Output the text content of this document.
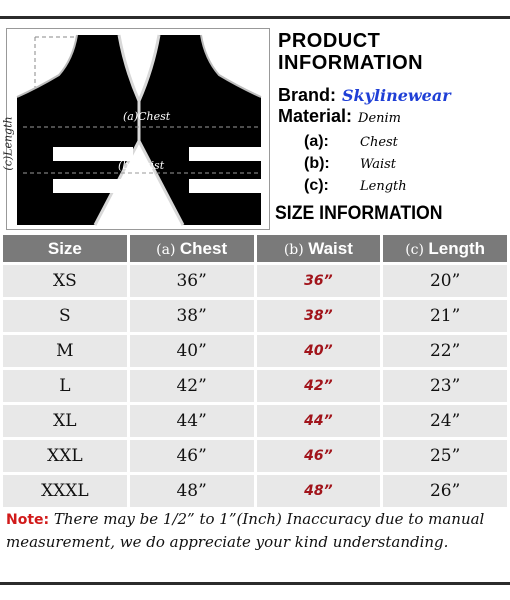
(c)Length	(a)Chest
(b)Waist
PRODUCT
INFORMATION
Brand: Skylinewear
Material: Denim
(a): Chest
(b): Waist
(c): Length
SIZE INFORMATION
Size	(a) Chest	(b) Waist	(c) Length
XS	36”	36”	20”
S	38”	38”	21”
M	40”	40”	22”
L	42”	42”	23”
XL	44”	44”	24”
XXL	46”	46”	25”
XXXL	48”	48”	26”
Note: There may be 1/2” to 1”(Inch) Inaccuracy due to manual measurement, we do appreciate your kind understanding.
